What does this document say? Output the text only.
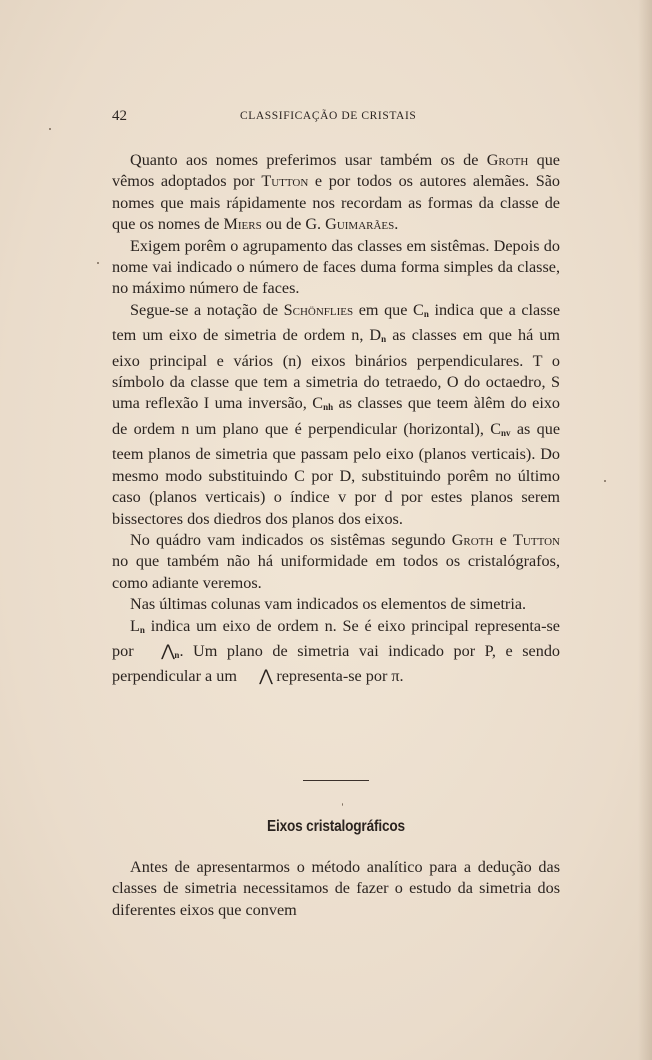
42	CLASSIFICAÇÃO DE CRISTAIS

Quanto aos nomes preferimos usar também os de Groth que vêmos adoptados por Tutton e por todos os autores alemães. São nomes que mais rápidamente nos recordam as formas da classe de que os nomes de Miers ou de G. Guimarães.

Exigem porêm o agrupamento das classes em sistêmas. Depois do nome vai indicado o número de faces duma forma simples da classe, no máximo número de faces.

Segue-se a notação de Schönflies em que $C_n$ indica que a classe tem um eixo de simetria de ordem n, $D_n$ as classes em que há um eixo principal e vários (n) eixos binários perpendiculares. T o símbolo da classe que tem a simetria do tetraedo, O do octaedro, S uma reflexão I uma inversão, $C_{nh}$ as classes que teem àlêm do eixo de ordem n um plano que é perpendicular (horizontal), $C_{nv}$ as que teem planos de simetria que passam pelo eixo (planos verticais). Do mesmo modo substituindo C por D, substituindo porêm no último caso (planos verticais) o índice v por d por estes planos serem bissectores dos diedros dos planos dos eixos.

No quádro vam indicados os sistêmas segundo Groth e Tutton no que também não há uniformidade em todos os cristalógrafos, como adiante veremos.

Nas últimas colunas vam indicados os elementos de simetria.

$L_n$ indica um eixo de ordem n. Se é eixo principal representa-se por $⋀_n$. Um plano de simetria vai indicado por P, e sendo perpendicular a um ⋀ representa-se por π.

Eixos cristalográficos

Antes de apresentarmos o método analítico para a dedução das classes de simetria necessitamos de fazer o estudo da simetria dos diferentes eixos que convem
